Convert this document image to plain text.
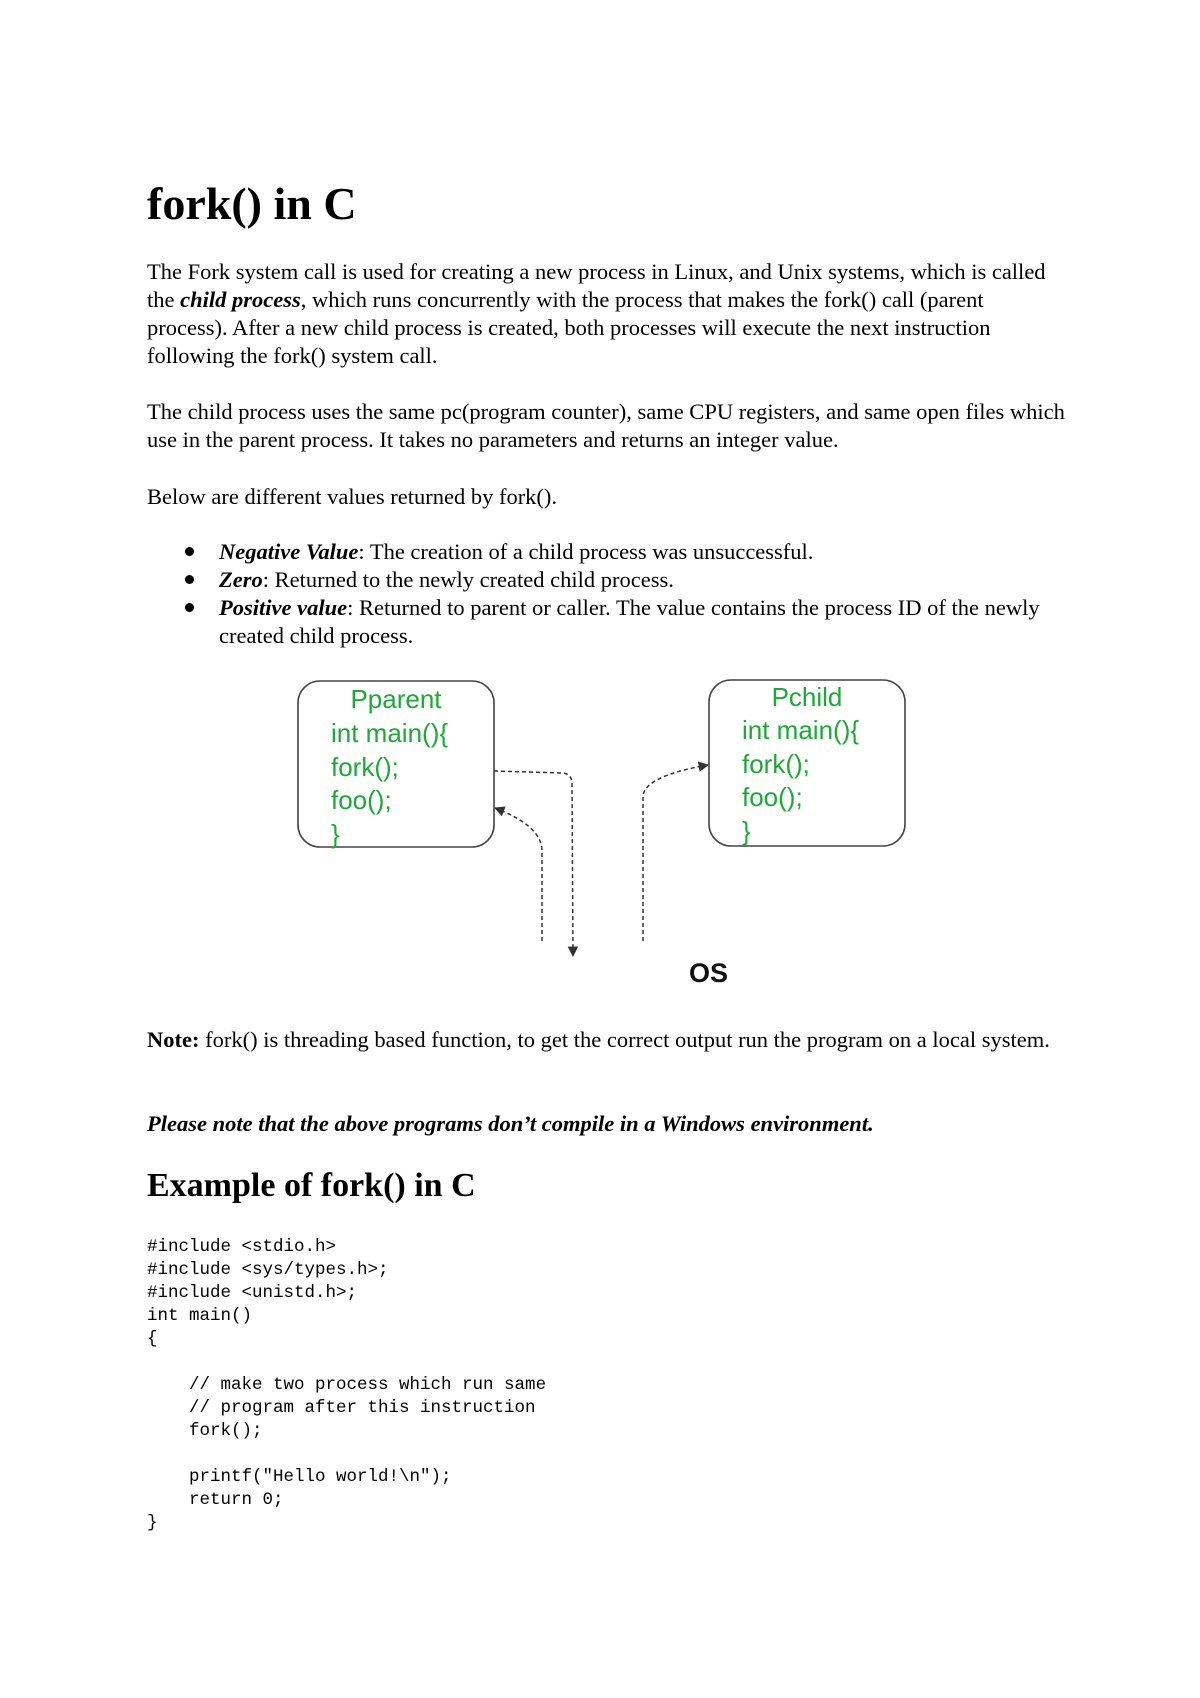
fork() in C

The Fork system call is used for creating a new process in Linux, and Unix systems, which is called the child process, which runs concurrently with the process that makes the fork() call (parent process). After a new child process is created, both processes will execute the next instruction following the fork() system call.

The child process uses the same pc(program counter), same CPU registers, and same open files which use in the parent process. It takes no parameters and returns an integer value.

Below are different values returned by fork().

Negative Value: The creation of a child process was unsuccessful.
Zero: Returned to the newly created child process.
Positive value: Returned to parent or caller. The value contains the process ID of the newly created child process.
Pparent
int main(){
fork();
foo();
}
Pchild
int main(){
fork();
foo();
}
OS

Note: fork() is threading based function, to get the correct output run the program on a local system.

Please note that the above programs don’t compile in a Windows environment.

Example of fork() in C
#include <stdio.h>
#include <sys/types.h>;
#include <unistd.h>;
int main()
{
// make two process which run same
// program after this instruction
fork();
printf("Hello world!\n");
return 0;
}
